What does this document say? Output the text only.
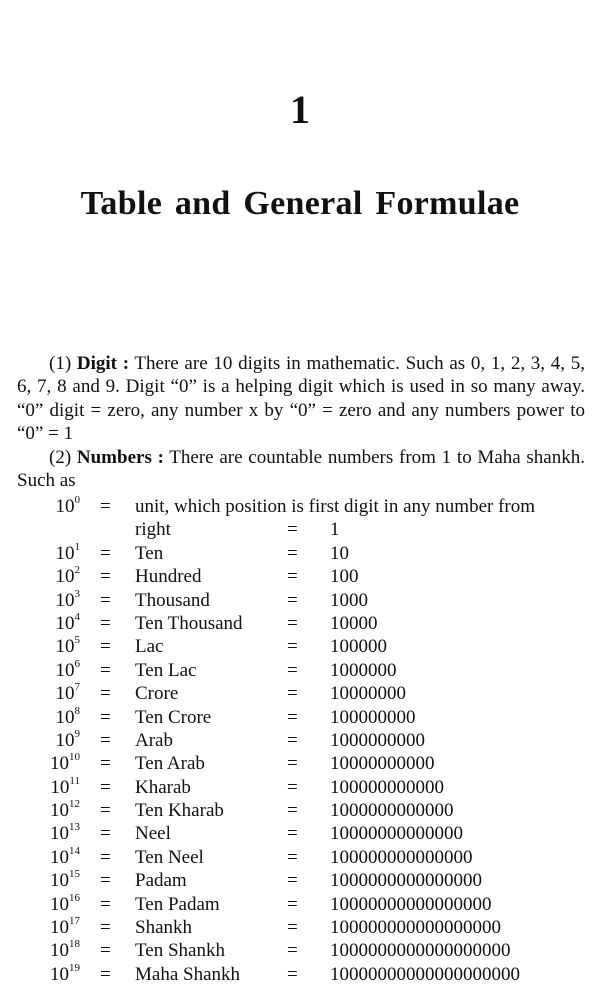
1
Table and General Formulae
(1) Digit : There are 10 digits in mathematic. Such as 0, 1, 2, 3, 4, 5, 6, 7, 8 and 9. Digit “0” is a helping digit which is used in so many away. “0” digit = zero, any number x by “0” = zero and any numbers power to “0” = 1
(2) Numbers : There are countable numbers from 1 to Maha shankh. Such as
$10^0$ = unit, which position is first digit in any number from
right	= 1
$10^1$ = Ten	= 10
$10^2$ = Hundred	= 100
$10^3$ = Thousand	= 1000
$10^4$ = Ten Thousand = 10000
$10^5$ = Lac	= 100000
$10^6$ = Ten Lac	= 1000000
$10^7$ = Crore	= 10000000
$10^8$ = Ten Crore	= 100000000
$10^9$ = Arab	= 1000000000
$10^{10}$ = Ten Arab	= 10000000000
$10^{11}$ = Kharab	= 100000000000
$10^{12}$ = Ten Kharab	= 1000000000000
$10^{13}$ = Neel	= 10000000000000
$10^{14}$ = Ten Neel	= 100000000000000
$10^{15}$ = Padam	= 1000000000000000
$10^{16}$ = Ten Padam	= 10000000000000000
$10^{17}$ = Shankh	= 100000000000000000
$10^{18}$ = Ten Shankh	= 1000000000000000000
$10^{19}$ = Maha Shankh = 10000000000000000000
